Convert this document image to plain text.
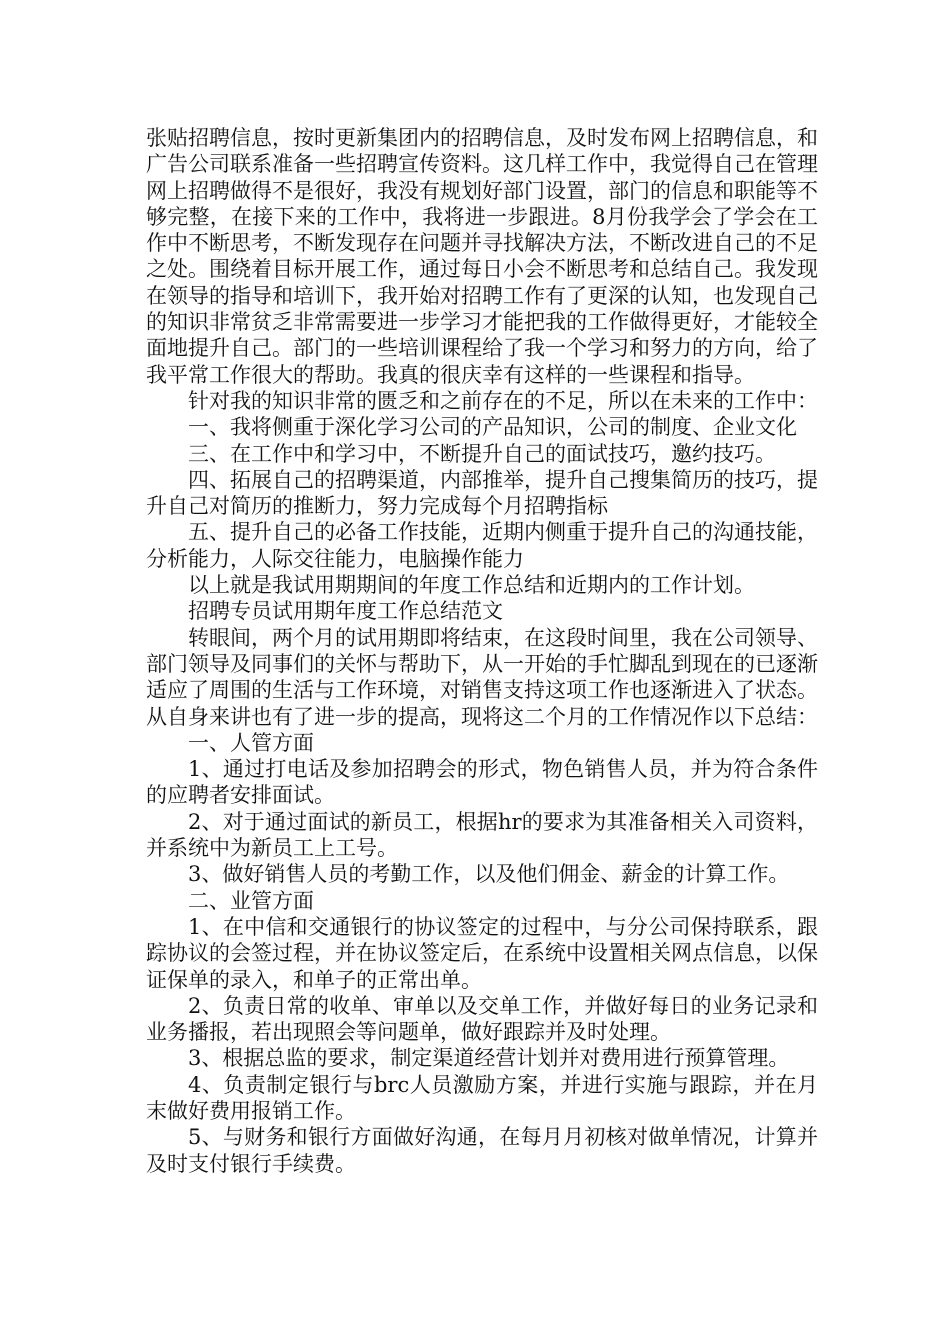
张贴招聘信息，按时更新集团内的招聘信息，及时发布网上招聘信息，和广告公司联系准备一些招聘宣传资料。这几样工作中，我觉得自己在管理网上招聘做得不是很好，我没有规划好部门设置，部门的信息和职能等不够完整，在接下来的工作中，我将进一步跟进。8月份我学会了学会在工作中不断思考，不断发现存在问题并寻找解决方法，不断改进自己的不足之处。围绕着目标开展工作，通过每日小会不断思考和总结自己。我发现在领导的指导和培训下，我开始对招聘工作有了更深的认知，也发现自己的知识非常贫乏非常需要进一步学习才能把我的工作做得更好，才能较全面地提升自己。部门的一些培训课程给了我一个学习和努力的方向，给了我平常工作很大的帮助。我真的很庆幸有这样的一些课程和指导。

针对我的知识非常的匮乏和之前存在的不足，所以在未来的工作中：

一、我将侧重于深化学习公司的产品知识，公司的制度、企业文化

三、在工作中和学习中，不断提升自己的面试技巧，邀约技巧。

四、拓展自己的招聘渠道，内部推举，提升自己搜集简历的技巧，提升自己对简历的推断力，努力完成每个月招聘指标

五、提升自己的必备工作技能，近期内侧重于提升自己的沟通技能，分析能力，人际交往能力，电脑操作能力

以上就是我试用期期间的年度工作总结和近期内的工作计划。

招聘专员试用期年度工作总结范文

转眼间，两个月的试用期即将结束，在这段时间里，我在公司领导、部门领导及同事们的关怀与帮助下，从一开始的手忙脚乱到现在的已逐渐适应了周围的生活与工作环境，对销售支持这项工作也逐渐进入了状态。从自身来讲也有了进一步的提高，现将这二个月的工作情况作以下总结：

一、人管方面

1、通过打电话及参加招聘会的形式，物色销售人员，并为符合条件的应聘者安排面试。

2、对于通过面试的新员工，根据hr的要求为其准备相关入司资料，并系统中为新员工上工号。

3、做好销售人员的考勤工作，以及他们佣金、薪金的计算工作。

二、业管方面

1、在中信和交通银行的协议签定的过程中，与分公司保持联系，跟踪协议的会签过程，并在协议签定后，在系统中设置相关网点信息，以保证保单的录入，和单子的正常出单。

2、负责日常的收单、审单以及交单工作，并做好每日的业务记录和业务播报，若出现照会等问题单，做好跟踪并及时处理。

3、根据总监的要求，制定渠道经营计划并对费用进行预算管理。

4、负责制定银行与brc人员激励方案，并进行实施与跟踪，并在月末做好费用报销工作。

5、与财务和银行方面做好沟通，在每月月初核对做单情况，计算并及时支付银行手续费。
